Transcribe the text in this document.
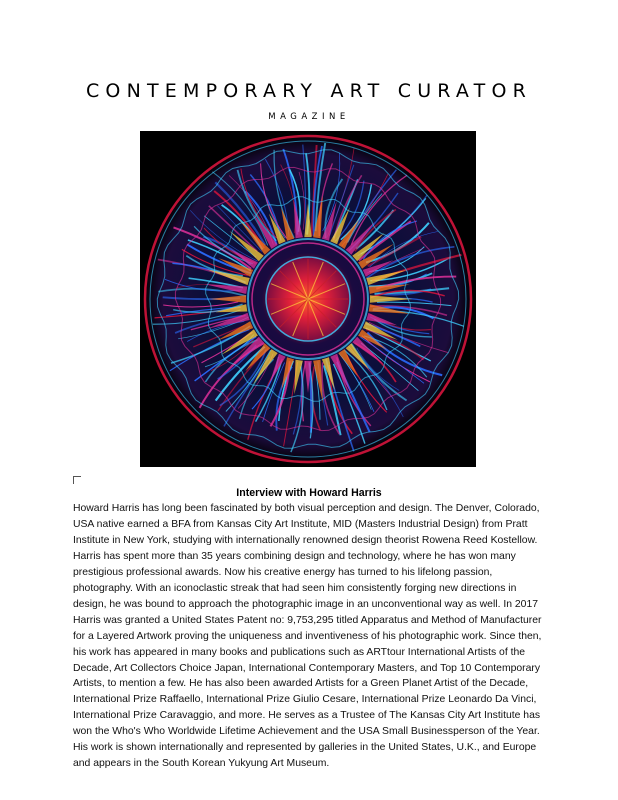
CONTEMPORARY ART CURATOR
MAGAZINE
Interview with Howard Harris

Howard Harris has long been fascinated by both visual perception and design. The Denver, Colorado, USA native earned a BFA from Kansas City Art Institute, MID (Masters Industrial Design) from Pratt Institute in New York, studying with internationally renowned design theorist Rowena Reed Kostellow. Harris has spent more than 35 years combining design and technology, where he has won many prestigious professional awards. Now his creative energy has turned to his lifelong passion, photography. With an iconoclastic streak that had seen him consistently forging new directions in design, he was bound to approach the photographic image in an unconventional way as well. In 2017 Harris was granted a United States Patent no: 9,753,295 titled Apparatus and Method of Manufacturer for a Layered Artwork proving the uniqueness and inventiveness of his photographic work. Since then, his work has appeared in many books and publications such as ARTtour International Artists of the Decade, Art Collectors Choice Japan, International Contemporary Masters, and Top 10 Contemporary Artists, to mention a few. He has also been awarded Artists for a Green Planet Artist of the Decade, International Prize Raffaello, International Prize Giulio Cesare, International Prize Leonardo Da Vinci, International Prize Caravaggio, and more. He serves as a Trustee of The Kansas City Art Institute has won the Who's Who Worldwide Lifetime Achievement and the USA Small Businessperson of the Year. His work is shown internationally and represented by galleries in the United States, U.K., and Europe and appears in the South Korean Yukyung Art Museum.
